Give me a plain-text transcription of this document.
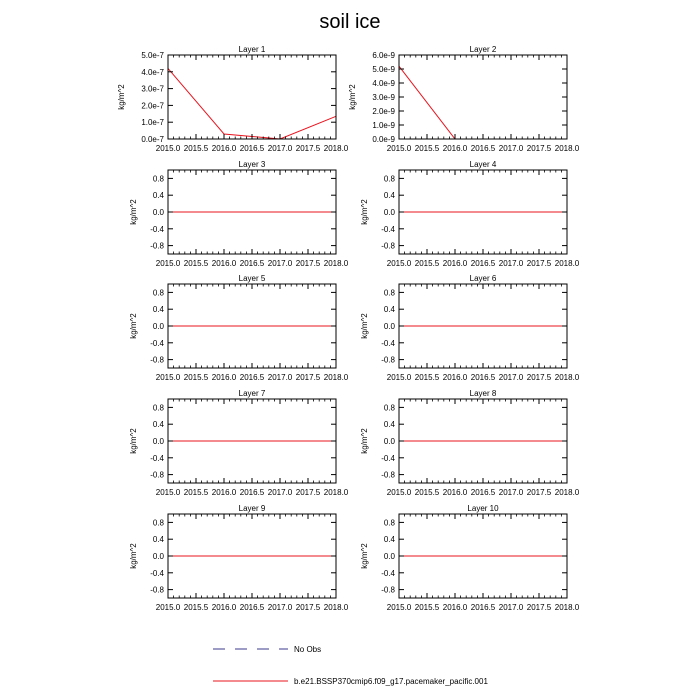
soil ice
Layer 1
2015.0 2015.5 2016.0 2016.5 2017.0 2017.5 2018.0
0.0e-7
1.0e-7
2.0e-7
3.0e-7
4.0e-7
5.0e-7
kg/m^2
Layer 2
2015.0 2015.5 2016.0 2016.5 2017.0 2017.5 2018.0
0.0e-9
1.0e-9
2.0e-9
3.0e-9
4.0e-9
5.0e-9
6.0e-9
kg/m^2
Layer 3
2015.0 2015.5 2016.0 2016.5 2017.0 2017.5 2018.0
-0.8
-0.4
0.0
0.4
0.8
kg/m^2
Layer 4
2015.0 2015.5 2016.0 2016.5 2017.0 2017.5 2018.0
-0.8
-0.4
0.0
0.4
0.8
kg/m^2
Layer 5
2015.0 2015.5 2016.0 2016.5 2017.0 2017.5 2018.0
-0.8
-0.4
0.0
0.4
0.8
kg/m^2
Layer 6
2015.0 2015.5 2016.0 2016.5 2017.0 2017.5 2018.0
-0.8
-0.4
0.0
0.4
0.8
kg/m^2
Layer 7
2015.0 2015.5 2016.0 2016.5 2017.0 2017.5 2018.0
-0.8
-0.4
0.0
0.4
0.8
kg/m^2
Layer 8
2015.0 2015.5 2016.0 2016.5 2017.0 2017.5 2018.0
-0.8
-0.4
0.0
0.4
0.8
kg/m^2
Layer 9
2015.0 2015.5 2016.0 2016.5 2017.0 2017.5 2018.0
-0.8
-0.4
0.0
0.4
0.8
kg/m^2
Layer 10
2015.0 2015.5 2016.0 2016.5 2017.0 2017.5 2018.0
-0.8
-0.4
0.0
0.4
0.8
kg/m^2
No Obs
b.e21.BSSP370cmip6.f09_g17.pacemaker_pacific.001
